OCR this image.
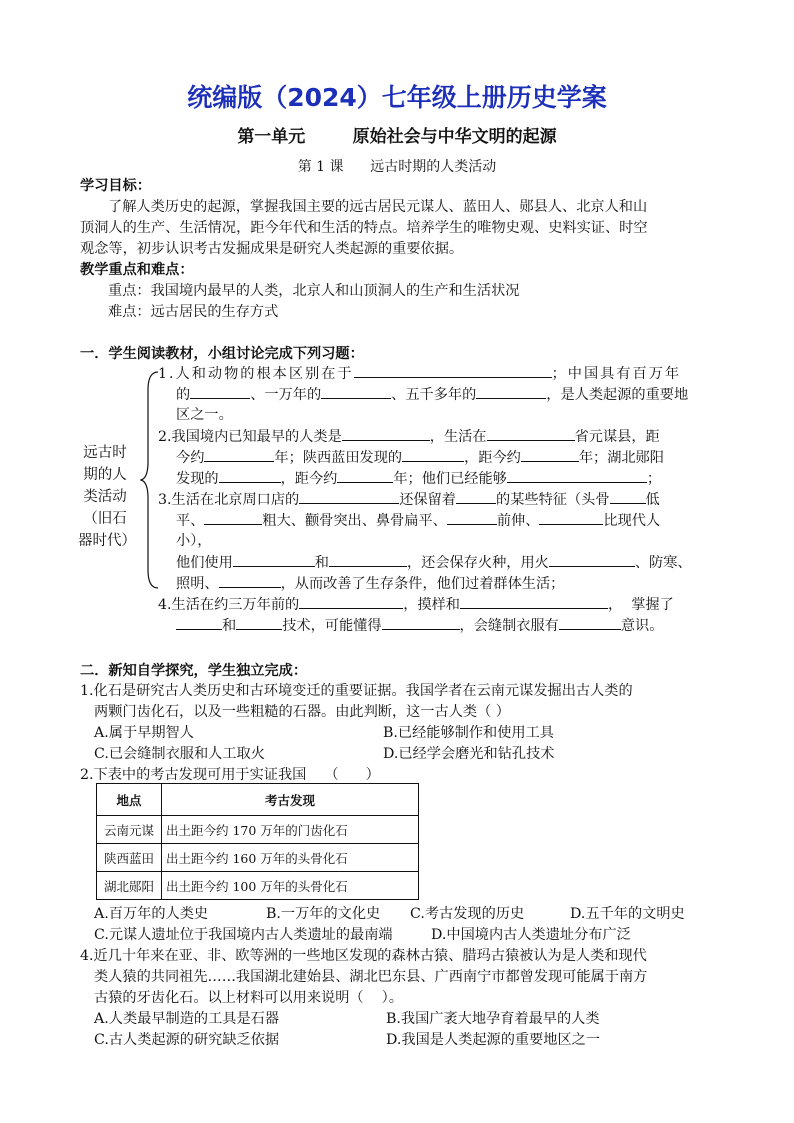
统编版（2024）七年级上册历史学案
第一单元        原始社会与中华文明的起源
第 1 课      远古时期的人类活动
学习目标：
了解人类历史的起源，掌握我国主要的远古居民元谋人、蓝田人、郧县人、北京人和山
顶洞人的生产、生活情况，距今年代和生活的特点。培养学生的唯物史观、史料实证、时空
观念等，初步认识考古发掘成果是研究人类起源的重要依据。
教学重点和难点：
重点：我国境内最早的人类，北京人和山顶洞人的生产和生活状况
难点：远古居民的生存方式
一．学生阅读教材，小组讨论完成下列习题：
远古时期的人类活动（旧石器时代）
1.人和动物的根本区别在于	；中国具有百万年
的	、一万年的	、五千多年的	，是人类起源的重要地
区之一。
2.我国境内已知最早的人类是	，生活在	省元谋县，距
今约	年；陕西蓝田发现的	，距今约	年；湖北郧阳
发现的	，距今约	年；他们已经能够	；
3.生活在北京周口店的	还保留着	的某些特征（头骨	低
平、	粗大、颧骨突出、鼻骨扁平、	前伸、	比现代人
小），
他们使用	和	，还会保存火种，用火	、防寒、
照明、	，从而改善了生存条件，他们过着群体生活；
4.生活在约三万年前的	，摸样和	，  掌握了
和	技术，可能懂得	，会缝制衣服有	意识。
二．新知自学探究，学生独立完成：
1.化石是研究古人类历史和古环境变迁的重要证据。我国学者在云南元谋发掘出古人类的
两颗门齿化石，以及一些粗糙的石器。由此判断，这一古人类（ ）
A.属于早期智人	B.已经能够制作和使用工具
C.已会缝制衣服和人工取火	D.已经学会磨光和钻孔技术
2.下表中的考古发现可用于实证我国    （      ）
地点	考古发现
云南元谋	出土距今约 170 万年的门齿化石
陕西蓝田	出土距今约 160 万年的头骨化石
湖北郧阳	出土距今约 100 万年的头骨化石
A.百万年的人类史	B.一万年的文化史 C.考古发现的历史	D.五千年的文明史
C.元谋人遗址位于我国境内古人类遗址的最南端	D.中国境内古人类遗址分布广泛
4.近几十年来在亚、非、欧等洲的一些地区发现的森林古猿、腊玛古猿被认为是人类和现代
类人猿的共同祖先……我国湖北建始县、湖北巴东县、广西南宁市都曾发现可能属于南方
古猿的牙齿化石。以上材料可以用来说明（    ）。
A.人类最早制造的工具是石器	B.我国广袤大地孕育着最早的人类
C.古人类起源的研究缺乏依据	D.我国是人类起源的重要地区之一
